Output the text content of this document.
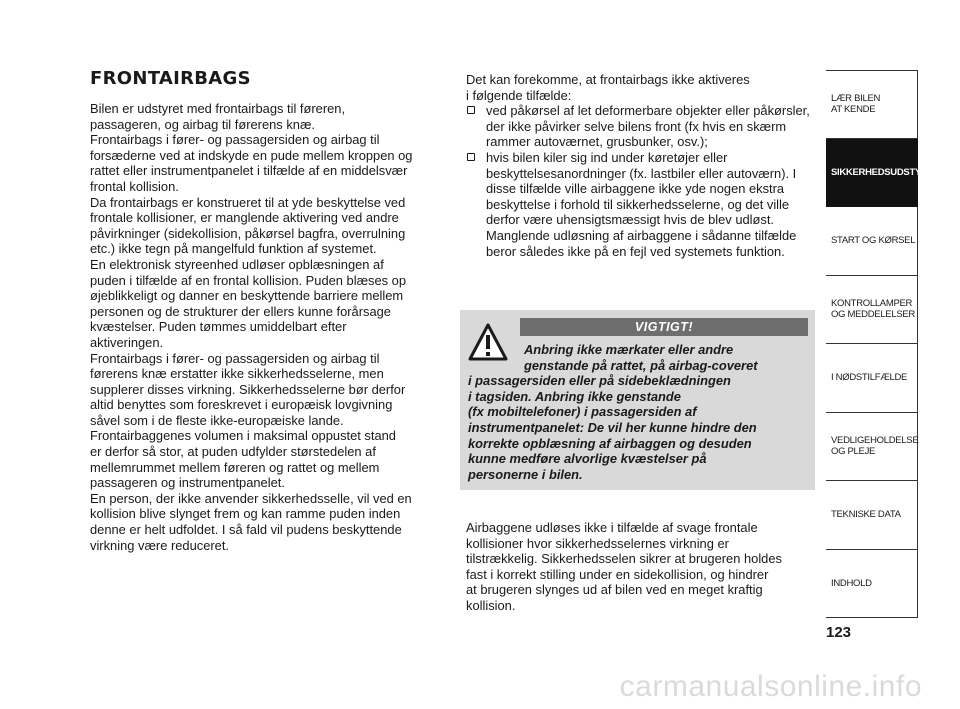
FRONTAIRBAGS

Bilen er udstyret med frontairbags til føreren,
passageren, og airbag til førerens knæ.
Frontairbags i fører- og passagersiden og airbag til
forsæderne ved at indskyde en pude mellem kroppen og
rattet eller instrumentpanelet i tilfælde af en middelsvær
frontal kollision.
Da frontairbags er konstrueret til at yde beskyttelse ved
frontale kollisioner, er manglende aktivering ved andre
påvirkninger (sidekollision, påkørsel bagfra, overrulning
etc.) ikke tegn på mangelfuld funktion af systemet.
En elektronisk styreenhed udløser opblæsningen af
puden i tilfælde af en frontal kollision. Puden blæses op
øjeblikkeligt og danner en beskyttende barriere mellem
personen og de strukturer der ellers kunne forårsage
kvæstelser. Puden tømmes umiddelbart efter
aktiveringen.
Frontairbags i fører- og passagersiden og airbag til
førerens knæ erstatter ikke sikkerhedsselerne, men
supplerer disses virkning. Sikkerhedsselerne bør derfor
altid benyttes som foreskrevet i europæisk lovgivning
såvel som i de fleste ikke-europæiske lande.
Frontairbaggenes volumen i maksimal oppustet stand
er derfor så stor, at puden udfylder størstedelen af
mellemrummet mellem føreren og rattet og mellem
passageren og instrumentpanelet.
En person, der ikke anvender sikkerhedsselle, vil ved en
kollision blive slynget frem og kan ramme puden inden
denne er helt udfoldet. I så fald vil pudens beskyttende
virkning være reduceret.

Det kan forekomme, at frontairbags ikke aktiveres
i følgende tilfælde:

ved påkørsel af let deformerbare objekter eller påkørsler, der ikke påvirker selve bilens front (fx hvis en skærm rammer autoværnet, grusbunker, osv.);
hvis bilen kiler sig ind under køretøjer eller beskyttelsesanordninger (fx. lastbiler eller autoværn). I disse tilfælde ville airbaggene ikke yde nogen ekstra beskyttelse i forhold til sikkerhedsselerne, og det ville derfor være uhensigtsmæssigt hvis de blev udløst. Manglende udløsning af airbaggene i sådanne tilfælde beror således ikke på en fejl ved systemets funktion.
VIGTIGT!
Anbring ikke mærkater eller andre
genstande på rattet, på airbag-coveret
i passagersiden eller på sidebeklædningen
i tagsiden. Anbring ikke genstande
(fx mobiltelefoner) i passagersiden af
instrumentpanelet: De vil her kunne hindre den
korrekte opblæsning af airbaggen og desuden
kunne medføre alvorlige kvæstelser på
personerne i bilen.

Airbaggene udløses ikke i tilfælde af svage frontale
kollisioner hvor sikkerhedsselernes virkning er
tilstrækkelig. Sikkerhedsselen sikrer at brugeren holdes
fast i korrekt stilling under en sidekollision, og hindrer
at brugeren slynges ud af bilen ved en meget kraftig
kollision.

LÆR BILEN
AT KENDE
SIKKERHEDSUDSTYR
START OG KØRSEL
KONTROLLAMPER
OG MEDDELELSER
I NØDSTILFÆLDE
VEDLIGEHOLDELSE
OG PLEJE
TEKNISKE DATA
INDHOLD
123
carmanualsonline.info
